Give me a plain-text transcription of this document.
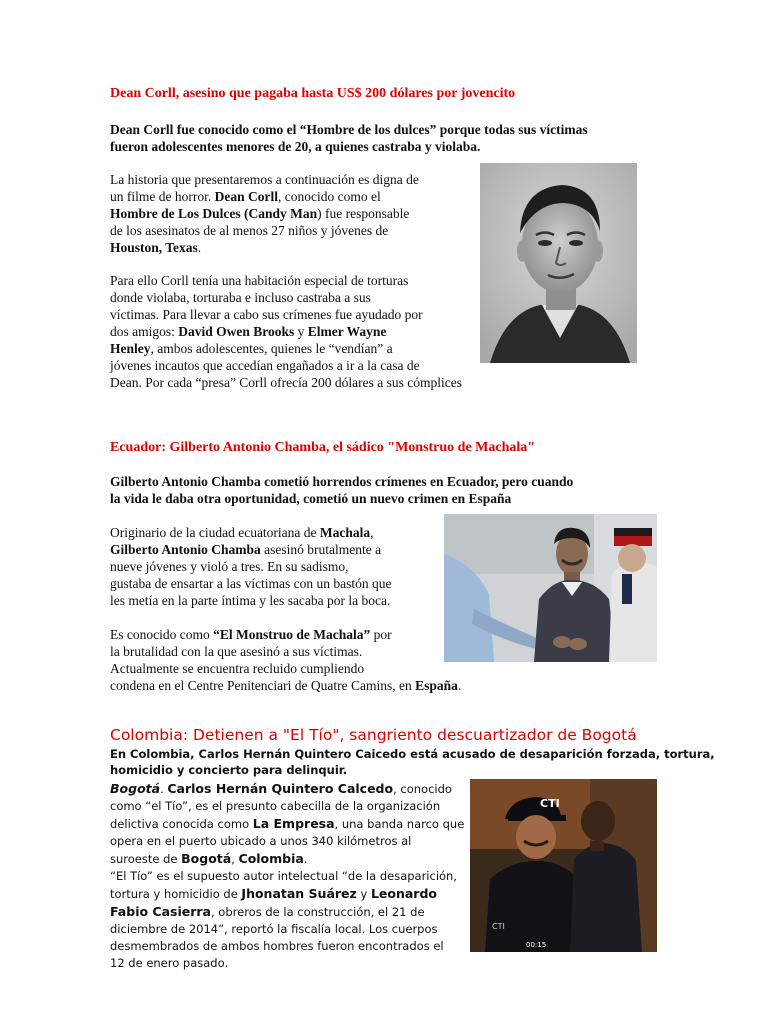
Dean Corll, asesino que pagaba hasta US$ 200 dólares por jovencito
Dean Corll fue conocido como el “Hombre de los dulces” porque todas sus víctimas
fueron adolescentes menores de 20, a quienes castraba y violaba.
La historia que presentaremos a continuación es digna de
un filme de horror. Dean Corll, conocido como el
Hombre de Los Dulces (Candy Man) fue responsable
de los asesinatos de al menos 27 niños y jóvenes de
Houston, Texas.
Para ello Corll tenía una habitación especial de torturas
donde violaba, torturaba e incluso castraba a sus
víctimas. Para llevar a cabo sus crímenes fue ayudado por
dos amigos: David Owen Brooks y Elmer Wayne
Henley, ambos adolescentes, quienes le “vendían” a
jóvenes incautos que accedían engañados a ir a la casa de
Dean. Por cada “presa” Corll ofrecía 200 dólares a sus cómplices
Ecuador: Gilberto Antonio Chamba, el sádico "Monstruo de Machala"
Gilberto Antonio Chamba cometió horrendos crímenes en Ecuador, pero cuando
la vida le daba otra oportunidad, cometió un nuevo crimen en España
Originario de la ciudad ecuatoriana de Machala,
Gilberto Antonio Chamba asesinó brutalmente a
nueve jóvenes y violó a tres. En su sadismo,
gustaba de ensartar a las víctimas con un bastón que
les metía en la parte íntima y les sacaba por la boca.
Es conocido como “El Monstruo de Machala” por
la brutalidad con la que asesinó a sus víctimas.
Actualmente se encuentra recluido cumpliendo
condena en el Centre Penitenciari de Quatre Camins, en España.
Colombia: Detienen a "El Tío", sangriento descuartizador de Bogotá
En Colombia, Carlos Hernán Quintero Caicedo está acusado de desaparición forzada, tortura,
homicidio y concierto para delinquir.
Bogotá. Carlos Hernán Quintero Calcedo, conocido
como “el Tío”, es el presunto cabecilla de la organización
delictiva conocida como La Empresa, una banda narco que
opera en el puerto ubicado a unos 340 kilómetros al
suroeste de Bogotá, Colombia.
“El Tío” es el supuesto autor intelectual “de la desaparición,
tortura y homicidio de Jhonatan Suárez y Leonardo
Fabio Casierra, obreros de la construcción, el 21 de
diciembre de 2014”, reportó la fiscalía local. Los cuerpos
desmembrados de ambos hombres fueron encontrados el
12 de enero pasado.
CTI
CTI
00:15
